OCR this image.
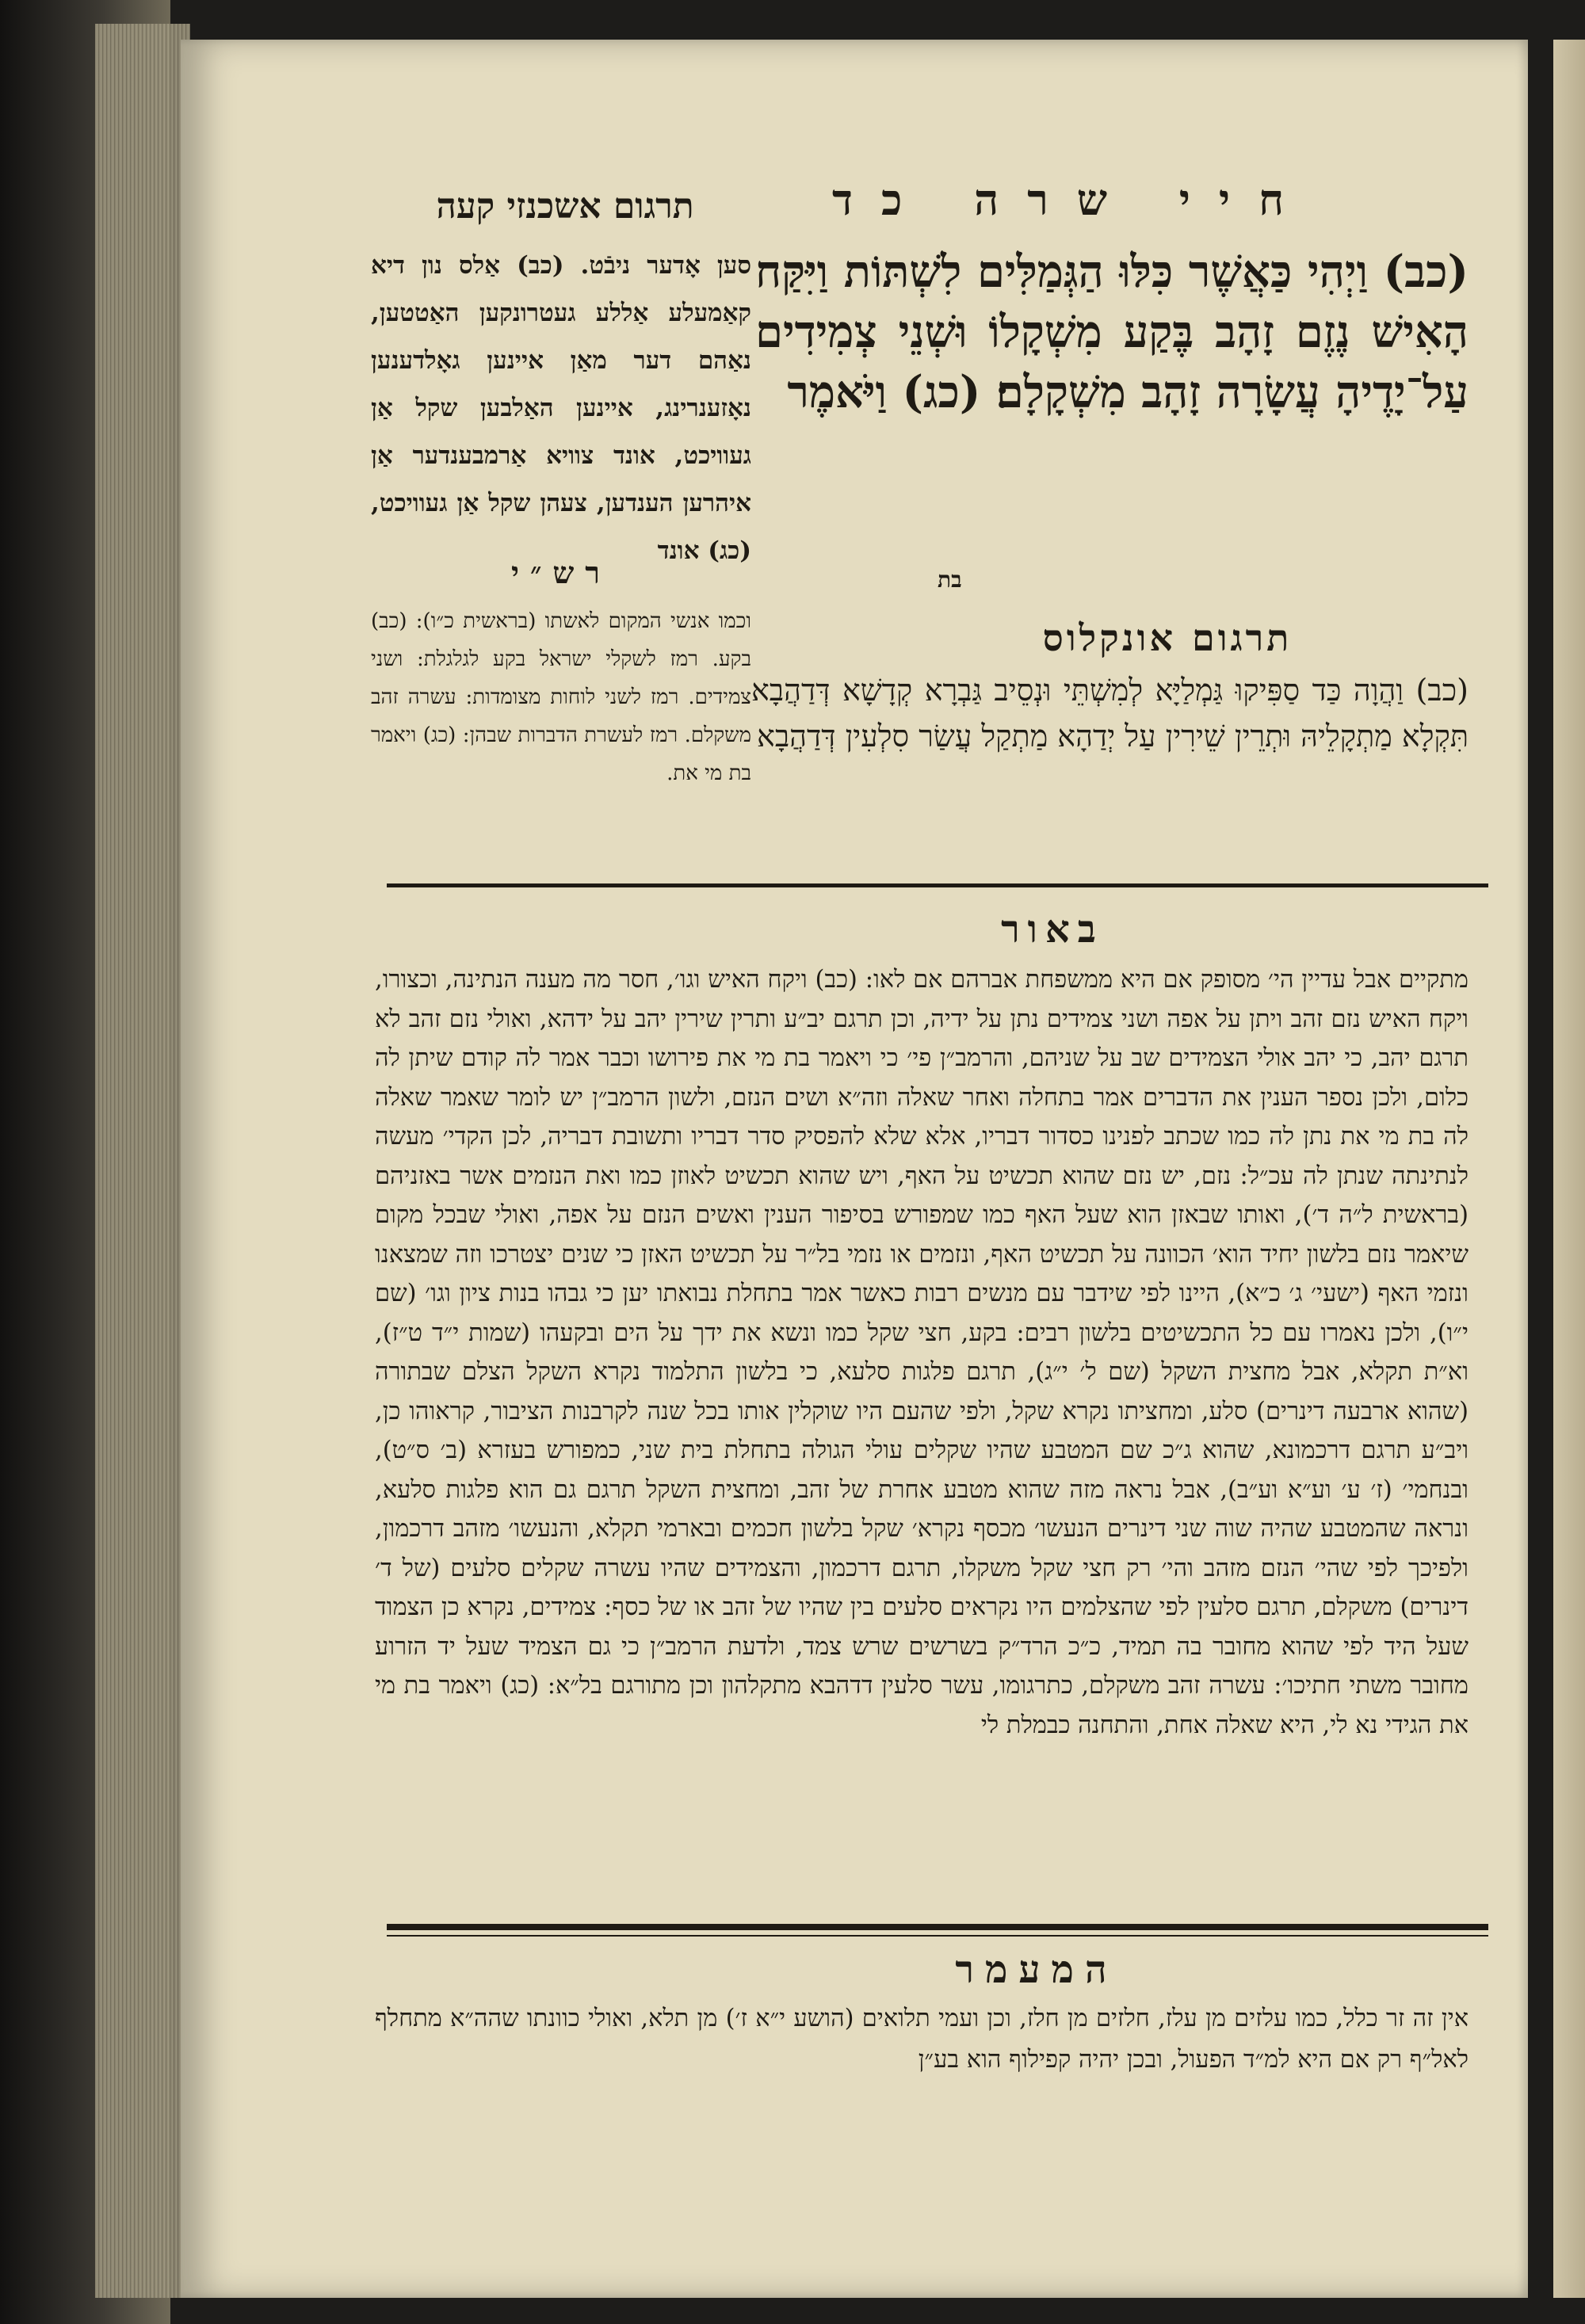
חיי שרה כד
תרגום אשכנזי קעה
(כב) וַיְהִי כַּאֲשֶׁר כִּלּוּ הַגְּמַלִּים לִשְׁתּוֹת וַיִּקַּח הָאִישׁ נֶזֶם זָהָב בֶּקַע מִשְׁקָלוֹ וּשְׁנֵי צְמִידִים עַל־יָדֶיהָ עֲשָׂרָה זָהָב מִשְׁקָלָם׃ (כג) וַיֹּאמֶר
בת
תרגום אונקלוס
(כב) וַהֲוָה כַּד סַפִּיקוּ גַּמְלַיָּא לְמִשְׁתֵּי וּנְסֵיב גַּבְרָא קְדָשָׁא דְּדַהֲבָא תִּקְלָא מַתְקָלֵיהּ וּתְרֵין שֵׁירִין עַל יְדַהָא מַתְקַל עֲשַׂר סִלְעִין דְּדַהֲבָא
סען אָדער ניבֿט. (כב) אַלס נון דיא קאַמעלע אַללע געטרונקען האַטטען, נאַהם דער מאַן איינען גאָלדענען נאָזענרינג, איינען האַלבען שקל אַן געוויכט, אונד צוויא אַרמבענדער אַן איהרען הענדען, צעהן שקל אַן געוויכט, (כג) אונד
רש״י
וכמו אנשי המקום לאשתו (בראשית כ״ו): (כב) בקע. רמז לשקלי ישראל בקע לגלגלת: ושני צמידים. רמז לשני לוחות מצומדות: עשרה זהב משקלם. רמז לעשרת הדברות שבהן: (כג) ויאמר בת מי את.
באור
מתקיים אבל עדיין הי׳ מסופק אם היא ממשפחת אברהם אם לאו: (כב) ויקח האיש וגו׳, חסר מה מענה הנתינה, וכצורו, ויקח האיש נזם זהב ויתן על אפה ושני צמידים נתן על ידיה, וכן תרגם יב״ע ותרין שירין יהב על ידהא, ואולי נזם זהב לא תרגם יהב, כי יהב אולי הצמידים שב על שניהם, והרמב״ן פי׳ כי ויאמר בת מי את פירושו וכבר אמר לה קודם שיתן לה כלום, ולכן נספר הענין את הדברים אמר בתחלה ואחר שאלה וזה״א ושים הנזם, ולשון הרמב״ן יש לומר שאמר שאלה לה בת מי את נתן לה כמו שכתב לפנינו כסדור דבריו, אלא שלא להפסיק סדר דבריו ותשובת דבריה, לכן הקדי׳ מעשה לנתינתה שנתן לה עכ״ל: נזם, יש נזם שהוא תכשיט על האף, ויש שהוא תכשיט לאוזן כמו ואת הנזמים אשר באזניהם (בראשית ל״ה ד׳), ואותו שבאזן הוא שעל האף כמו שמפורש בסיפור הענין ואשים הנזם על אפה, ואולי שבכל מקום שיאמר נזם בלשון יחיד הוא׳ הכוונה על תכשיט האף, ונזמים או נזמי בל״ר על תכשיט האזן כי שנים יצטרכו וזה שמצאנו ונזמי האף (ישעי׳ ג׳ כ״א), היינו לפי שידבר עם מנשים רבות כאשר אמר בתחלת נבואתו יען כי גבהו בנות ציון וגו׳ (שם י״ו), ולכן נאמרו עם כל התכשיטים בלשון רבים: בקע, חצי שקל כמו ונשא את ידך על הים ובקעהו (שמות י״ד ט״ז), וא״ת תקלא, אבל מחצית השקל (שם ל׳ י״ג), תרגם פלגות סלעא, כי בלשון התלמוד נקרא השקל הצלם שבתורה (שהוא ארבעה דינרים) סלע, ומחציתו נקרא שקל, ולפי שהעם היו שוקלין אותו בכל שנה לקרבנות הציבור, קראוהו כן, ויב״ע תרגם דרכמונא, שהוא ג״כ שם המטבע שהיו שקלים עולי הגולה בתחלת בית שני, כמפורש בעזרא (ב׳ ס״ט), ובנחמי׳ (ז׳ ע׳ וע״א וע״ב), אבל נראה מזה שהוא מטבע אחרת של זהב, ומחצית השקל תרגם גם הוא פלגות סלעא, ונראה שהמטבע שהיה שוה שני דינרים הנעשו׳ מכסף נקרא׳ שקל בלשון חכמים ובארמי תקלא, והנעשו׳ מזהב דרכמון, ולפיכך לפי שהי׳ הנזם מזהב והי׳ רק חצי שקל משקלו, תרגם דרכמון, והצמידים שהיו עשרה שקלים סלעים (של ד׳ דינרים) משקלם, תרגם סלעין לפי שהצלמים היו נקראים סלעים בין שהיו של זהב או של כסף: צמידים, נקרא כן הצמוד שעל היד לפי שהוא מחובר בה תמיד, כ״כ הרד״ק בשרשים שרש צמד, ולדעת הרמב״ן כי גם הצמיד שעל יד הזרוע מחובר משתי חתיכו׳: עשרה זהב משקלם, כתרגומו, עשר סלעין דדהבא מתקלהון וכן מתורגם בל״א: (כג) ויאמר בת מי את הגידי נא לי, היא שאלה אחת, והתחנה כבמלת לי
המעמר
אין זה זר כלל, כמו עלזים מן עלז, חלזים מן חלז, וכן ועמי תלואים (הושע י״א ז׳) מן תלא, ואולי כוונתו שהה״א מתחלף לאל״ף רק אם היא למ״ד הפעול, ובכן יהיה קפילוף הוא בע״ן
